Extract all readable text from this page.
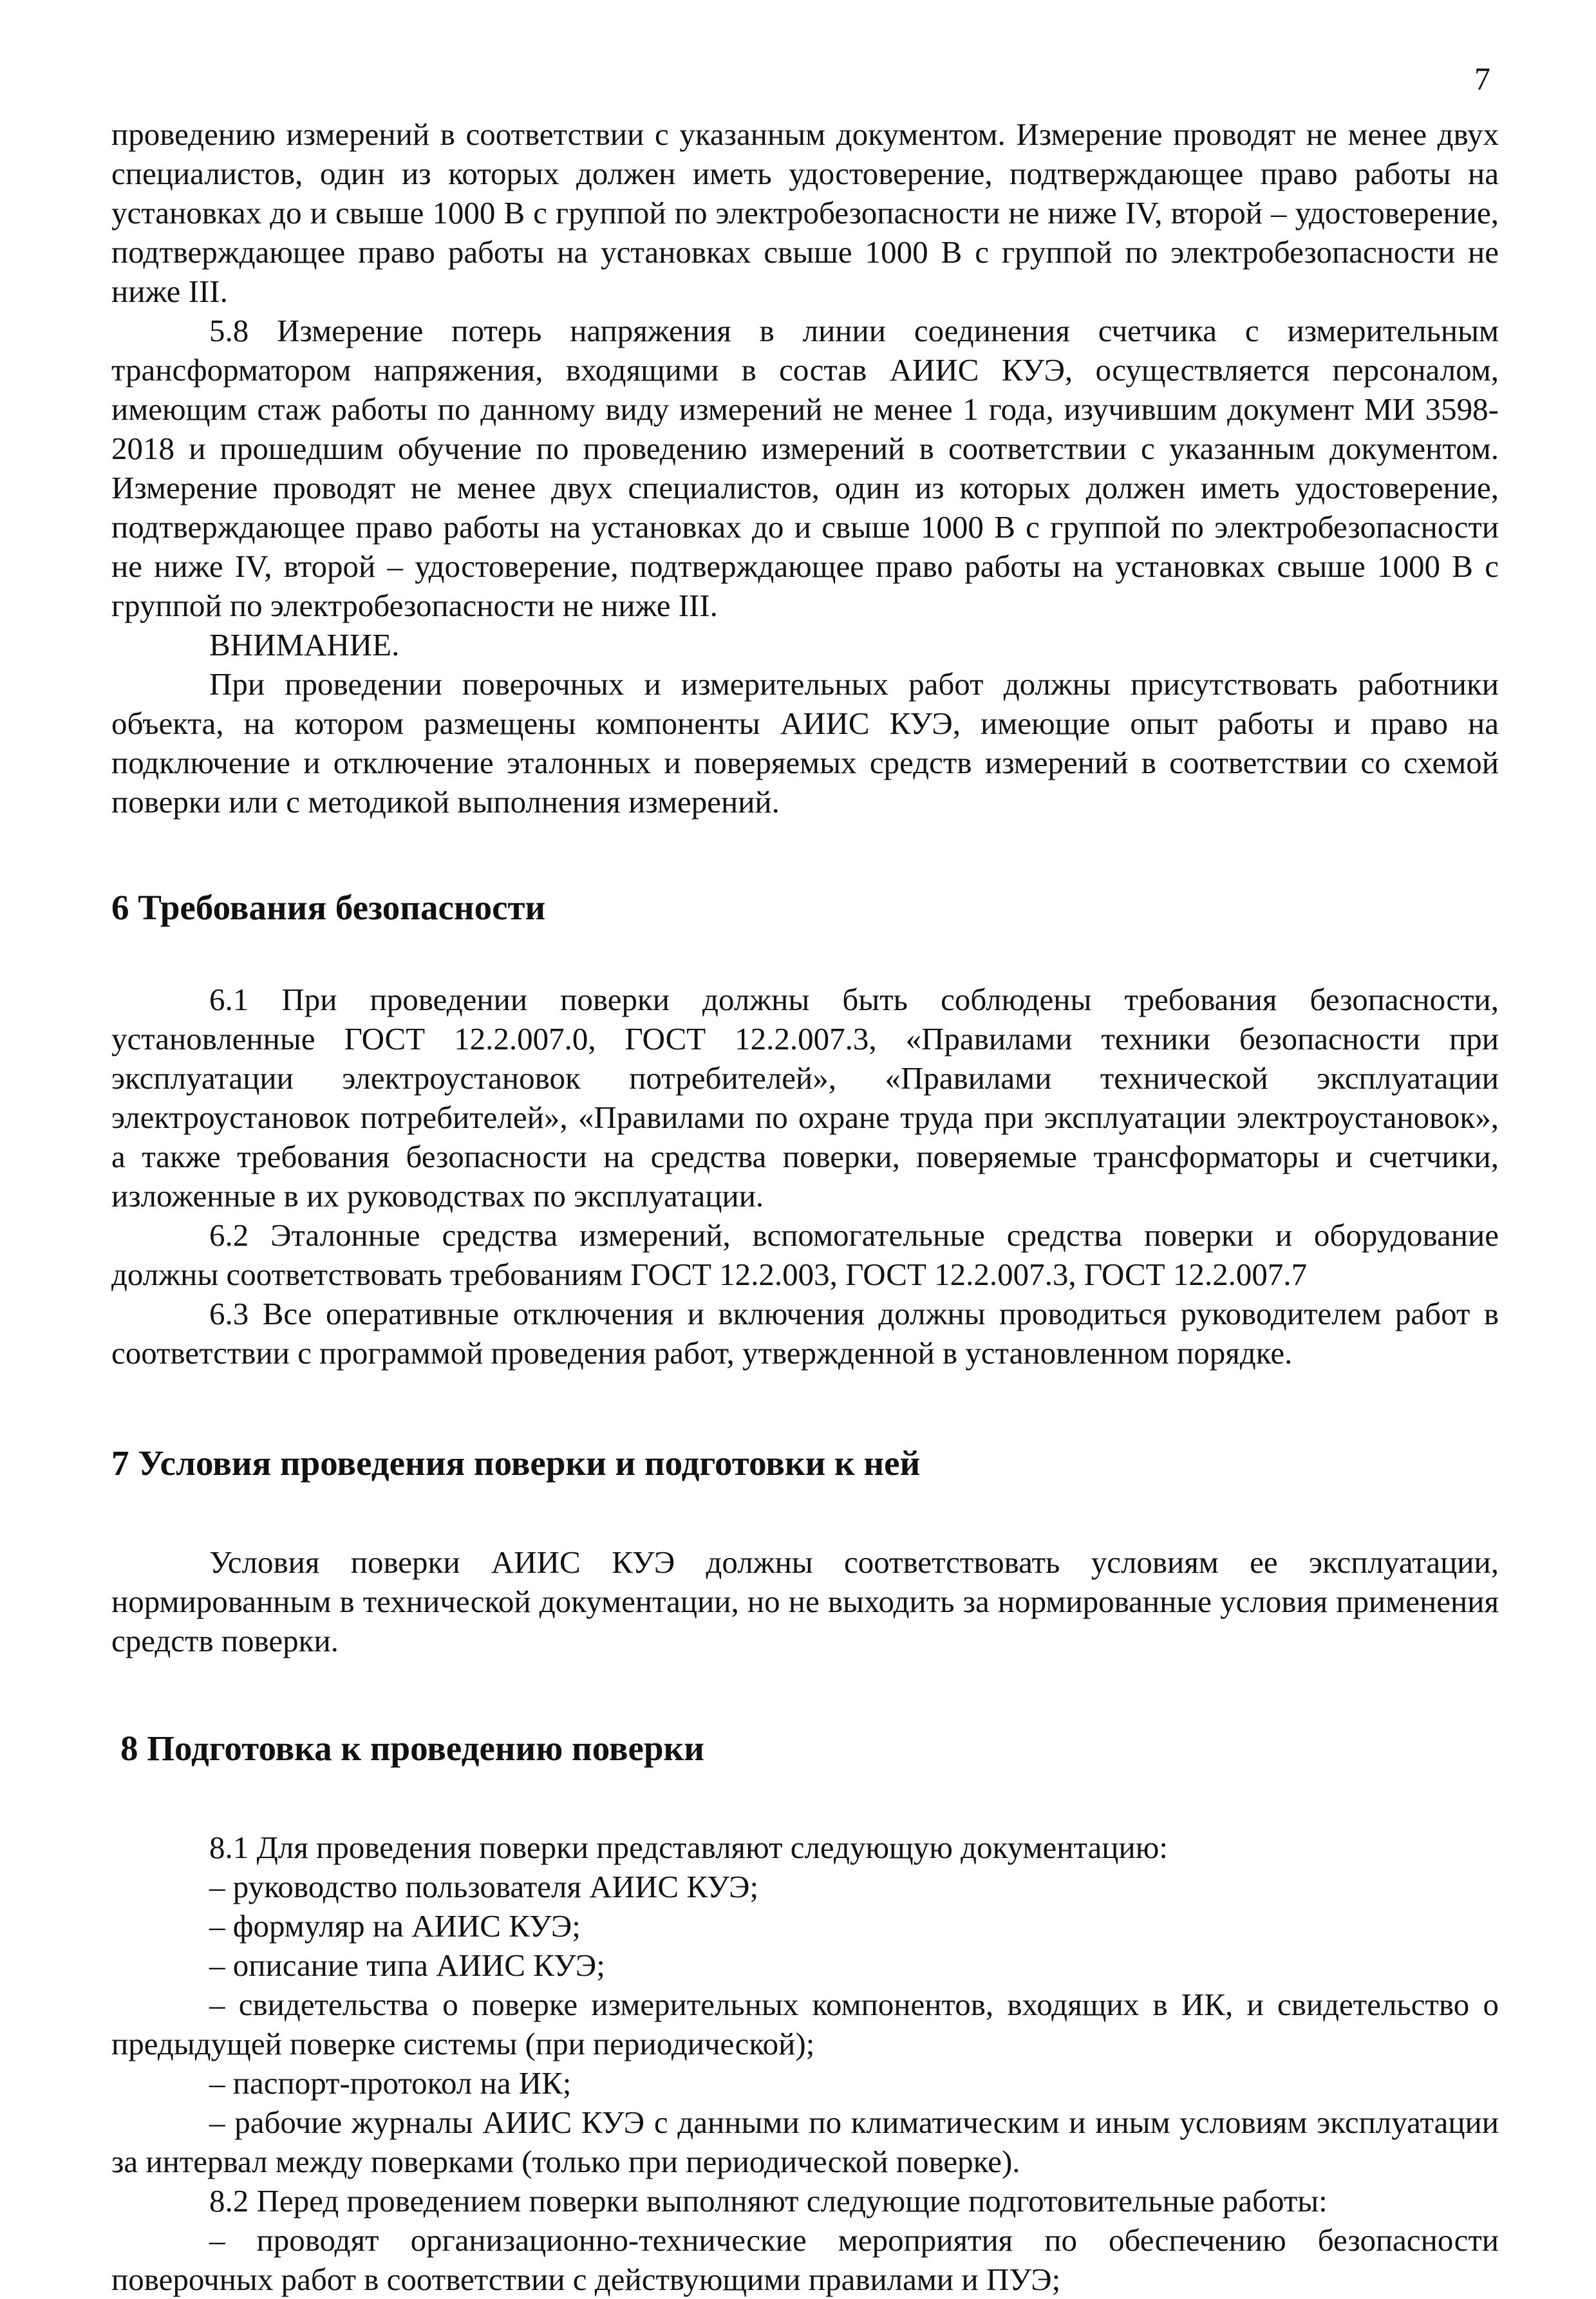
7

проведению измерений в соответствии с указанным документом. Измерение проводят не менее двух специалистов, один из которых должен иметь удостоверение, подтверждающее право работы на установках до и свыше 1000 В с группой по электробезопасности не ниже IV, второй – удостоверение, подтверждающее право работы на установках свыше 1000 В с группой по электробезопасности не ниже III.

5.8 Измерение потерь напряжения в линии соединения счетчика с измерительным трансформатором напряжения, входящими в состав АИИС КУЭ, осуществляется персоналом, имеющим стаж работы по данному виду измерений не менее 1 года, изучившим документ МИ 3598-2018 и прошедшим обучение по проведению измерений в соответствии с указанным документом. Измерение проводят не менее двух специалистов, один из которых должен иметь удостоверение, подтверждающее право работы на установках до и свыше 1000 В с группой по электробезопасности не ниже IV, второй – удостоверение, подтверждающее право работы на установках свыше 1000 В с группой по электробезопасности не ниже III.

ВНИМАНИЕ.

При проведении поверочных и измерительных работ должны присутствовать работники объекта, на котором размещены компоненты АИИС КУЭ, имеющие опыт работы и право на подключение и отключение эталонных и поверяемых средств измерений в соответствии со схемой поверки или с методикой выполнения измерений.

6 Требования безопасности

6.1 При проведении поверки должны быть соблюдены требования безопасности, установленные ГОСТ 12.2.007.0, ГОСТ 12.2.007.3, «Правилами техники безопасности при эксплуатации электроустановок потребителей», «Правилами технической эксплуатации электроустановок потребителей», «Правилами по охране труда при эксплуатации электроустановок», а также требования безопасности на средства поверки, поверяемые трансформаторы и счетчики, изложенные в их руководствах по эксплуатации.

6.2 Эталонные средства измерений, вспомогательные средства поверки и оборудование должны соответствовать требованиям ГОСТ 12.2.003, ГОСТ 12.2.007.3, ГОСТ 12.2.007.7

6.3 Все оперативные отключения и включения должны проводиться руководителем работ в соответствии с программой проведения работ, утвержденной в установленном порядке.

7 Условия проведения поверки и подготовки к ней

Условия поверки АИИС КУЭ должны соответствовать условиям ее эксплуатации, нормированным в технической документации, но не выходить за нормированные условия применения средств поверки.

8 Подготовка к проведению поверки

8.1 Для проведения поверки представляют следующую документацию:

– руководство пользователя АИИС КУЭ;

– формуляр на АИИС КУЭ;

– описание типа АИИС КУЭ;

– свидетельства о поверке измерительных компонентов, входящих в ИК, и свидетельство о предыдущей поверке системы (при периодической);

– паспорт-протокол на ИК;

– рабочие журналы АИИС КУЭ с данными по климатическим и иным условиям эксплуатации за интервал между поверками (только при периодической поверке).

8.2 Перед проведением поверки выполняют следующие подготовительные работы:

– проводят организационно-технические мероприятия по обеспечению безопасности поверочных работ в соответствии с действующими правилами и ПУЭ;
